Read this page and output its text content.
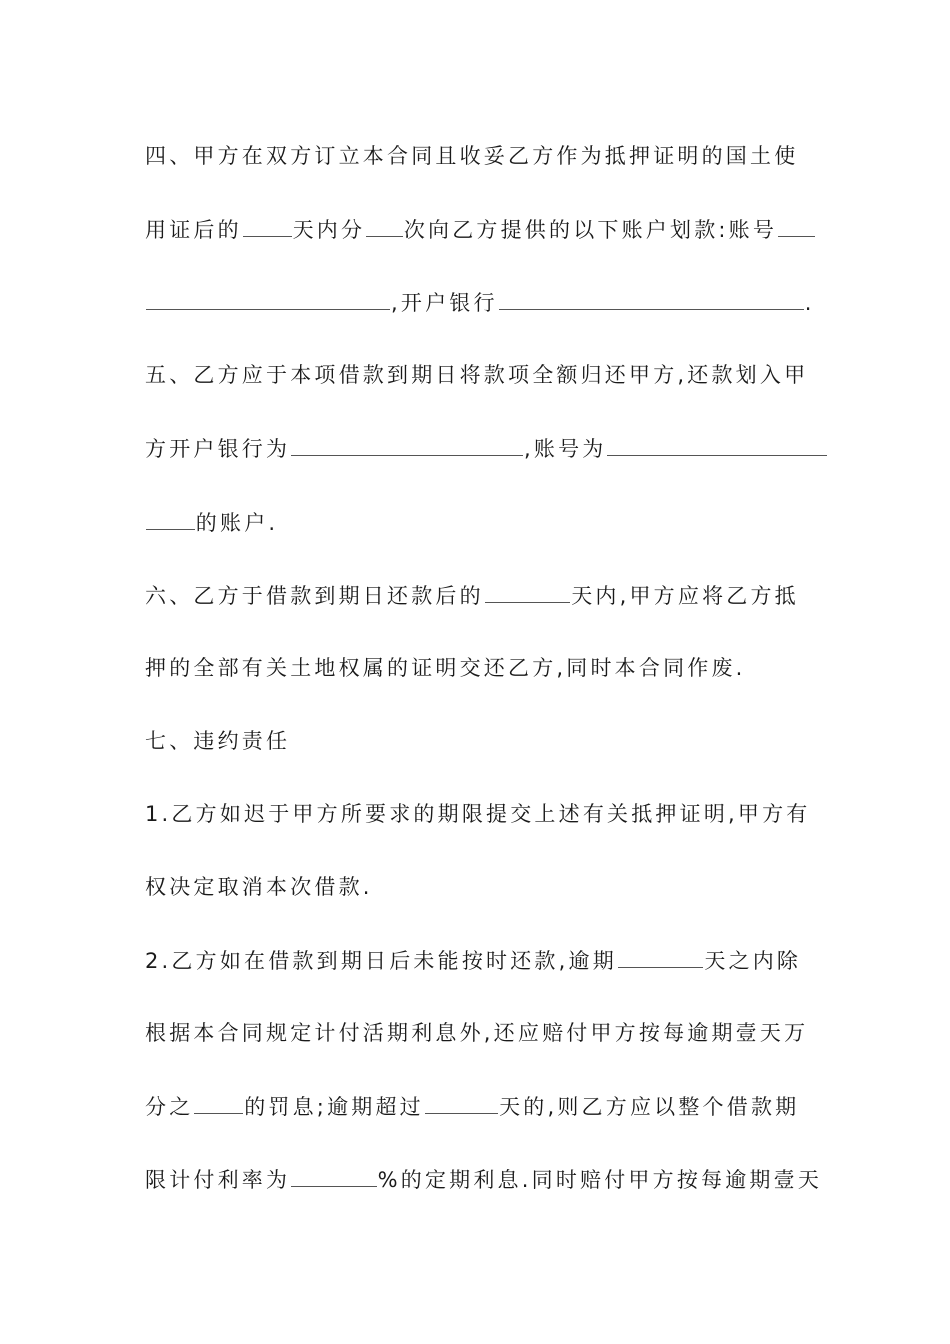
四、甲方在双方订立本合同且收妥乙方作为抵押证明的国土使
用证后的 天内分 次向乙方提供的以下账户划款:账号
,开户银行	.
五、乙方应于本项借款到期日将款项全额归还甲方,还款划入甲
方开户银行为	,账号为
的账户.
六、乙方于借款到期日还款后的	天内,甲方应将乙方抵
押的全部有关土地权属的证明交还乙方,同时本合同作废.
七、违约责任
1.乙方如迟于甲方所要求的期限提交上述有关抵押证明,甲方有
权决定取消本次借款.
2.乙方如在借款到期日后未能按时还款,逾期	天之内除
根据本合同规定计付活期利息外,还应赔付甲方按每逾期壹天万
分之 的罚息;逾期超过	天的,则乙方应以整个借款期
限计付利率为	%的定期利息.同时赔付甲方按每逾期壹天
